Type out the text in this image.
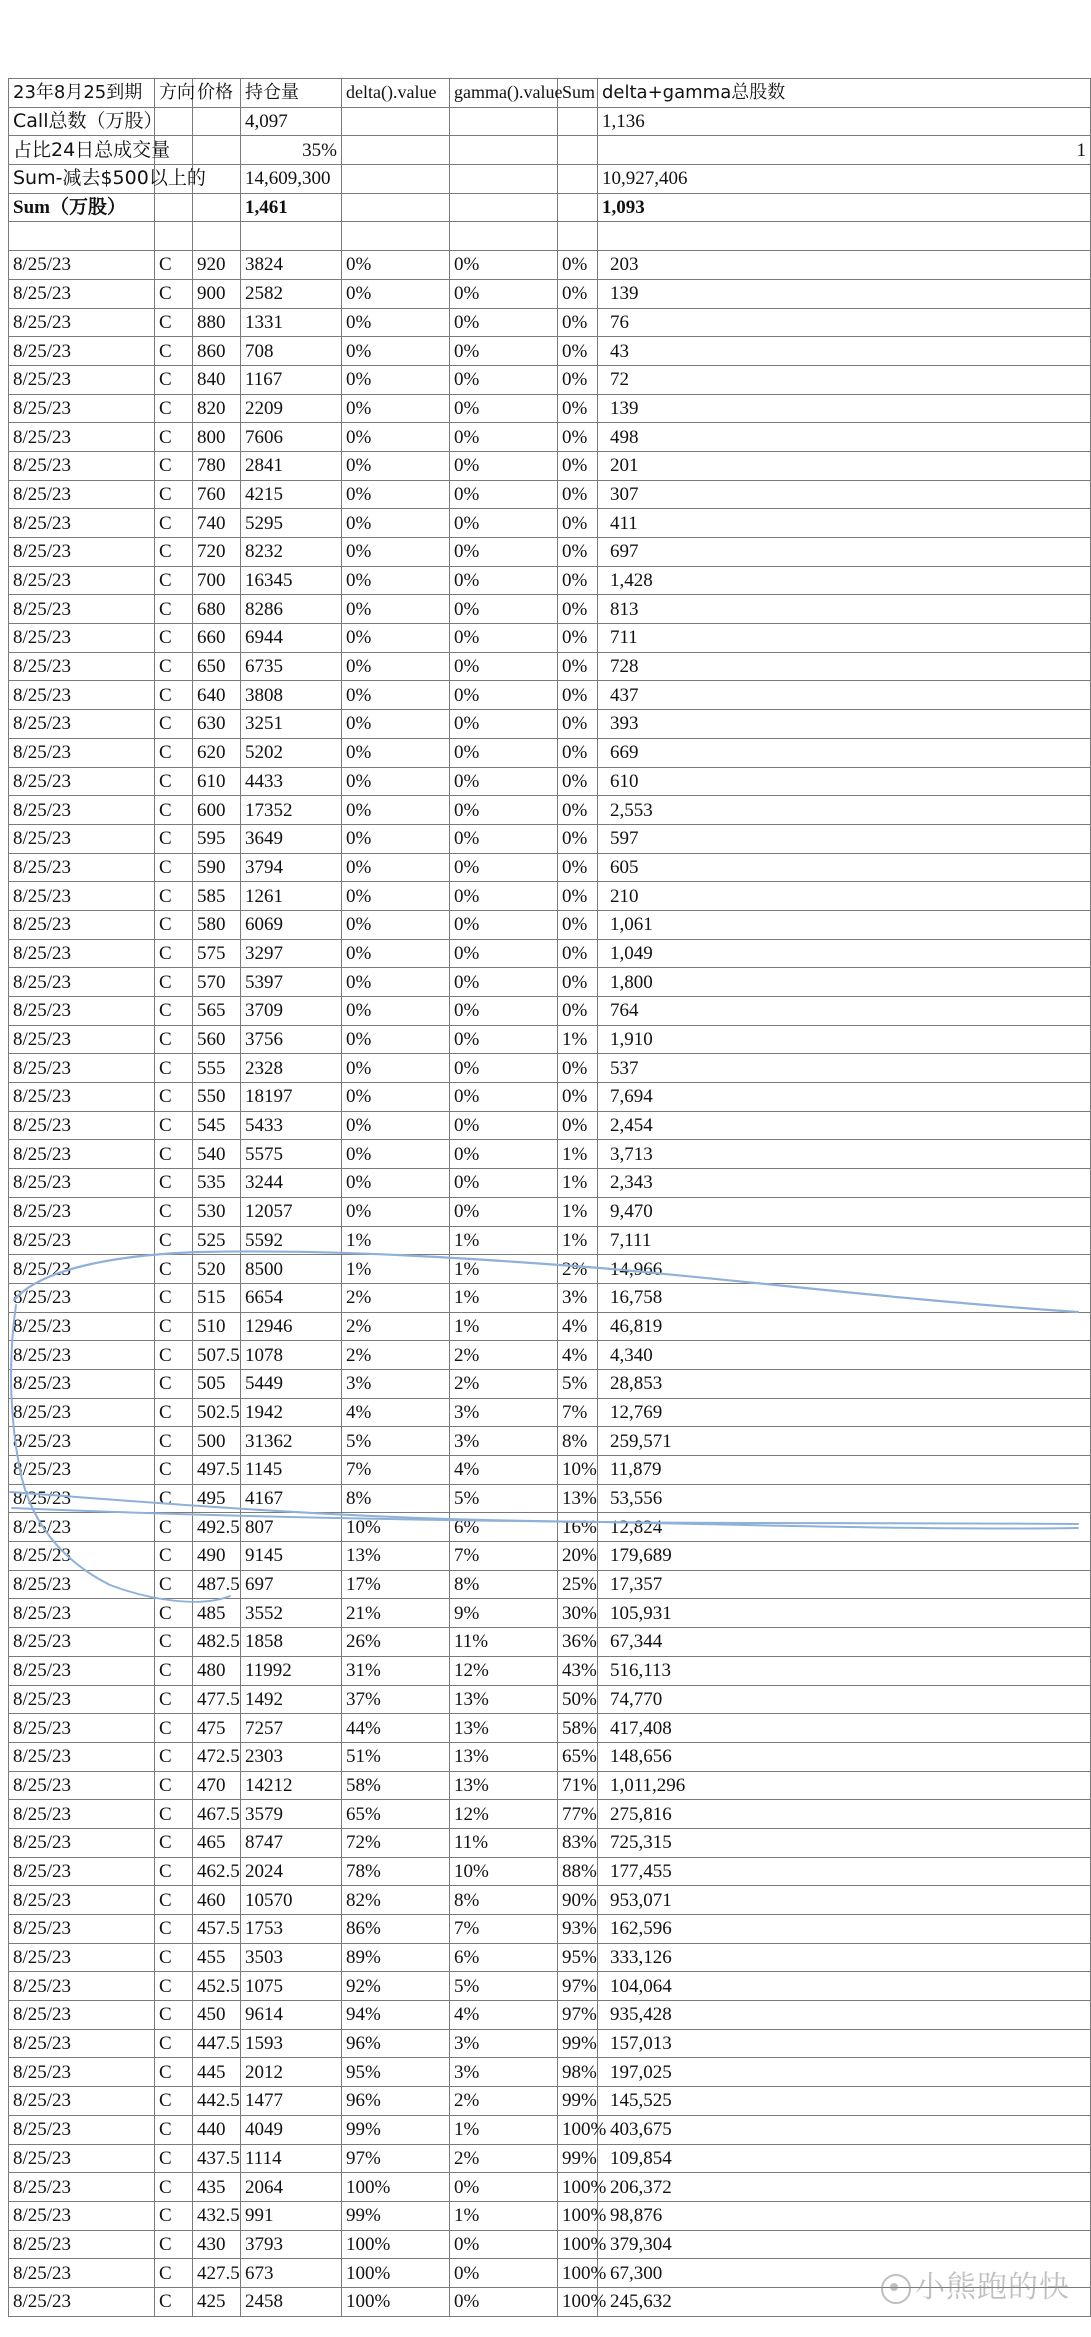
23年8月25到期	方向	价格	持仓量	delta().value	gamma().value	Sum	delta+gamma总股数
Call总数（万股）			4,097				1,136
占比24日总成交量			35%				1
Sum-减去$500以上的			14,609,300				10,927,406
Sum（万股）			1,461				1,093

8/25/23	C	920	3824	0%	0%	0%	203
8/25/23	C	900	2582	0%	0%	0%	139
8/25/23	C	880	1331	0%	0%	0%	76
8/25/23	C	860	708	0%	0%	0%	43
8/25/23	C	840	1167	0%	0%	0%	72
8/25/23	C	820	2209	0%	0%	0%	139
8/25/23	C	800	7606	0%	0%	0%	498
8/25/23	C	780	2841	0%	0%	0%	201
8/25/23	C	760	4215	0%	0%	0%	307
8/25/23	C	740	5295	0%	0%	0%	411
8/25/23	C	720	8232	0%	0%	0%	697
8/25/23	C	700	16345	0%	0%	0%	1,428
8/25/23	C	680	8286	0%	0%	0%	813
8/25/23	C	660	6944	0%	0%	0%	711
8/25/23	C	650	6735	0%	0%	0%	728
8/25/23	C	640	3808	0%	0%	0%	437
8/25/23	C	630	3251	0%	0%	0%	393
8/25/23	C	620	5202	0%	0%	0%	669
8/25/23	C	610	4433	0%	0%	0%	610
8/25/23	C	600	17352	0%	0%	0%	2,553
8/25/23	C	595	3649	0%	0%	0%	597
8/25/23	C	590	3794	0%	0%	0%	605
8/25/23	C	585	1261	0%	0%	0%	210
8/25/23	C	580	6069	0%	0%	0%	1,061
8/25/23	C	575	3297	0%	0%	0%	1,049
8/25/23	C	570	5397	0%	0%	0%	1,800
8/25/23	C	565	3709	0%	0%	0%	764
8/25/23	C	560	3756	0%	0%	1%	1,910
8/25/23	C	555	2328	0%	0%	0%	537
8/25/23	C	550	18197	0%	0%	0%	7,694
8/25/23	C	545	5433	0%	0%	0%	2,454
8/25/23	C	540	5575	0%	0%	1%	3,713
8/25/23	C	535	3244	0%	0%	1%	2,343
8/25/23	C	530	12057	0%	0%	1%	9,470
8/25/23	C	525	5592	1%	1%	1%	7,111
8/25/23	C	520	8500	1%	1%	2%	14,966
8/25/23	C	515	6654	2%	1%	3%	16,758
8/25/23	C	510	12946	2%	1%	4%	46,819
8/25/23	C	507.5	1078	2%	2%	4%	4,340
8/25/23	C	505	5449	3%	2%	5%	28,853
8/25/23	C	502.5	1942	4%	3%	7%	12,769
8/25/23	C	500	31362	5%	3%	8%	259,571
8/25/23	C	497.5	1145	7%	4%	10%	11,879
8/25/23	C	495	4167	8%	5%	13%	53,556
8/25/23	C	492.5	807	10%	6%	16%	12,824
8/25/23	C	490	9145	13%	7%	20%	179,689
8/25/23	C	487.5	697	17%	8%	25%	17,357
8/25/23	C	485	3552	21%	9%	30%	105,931
8/25/23	C	482.5	1858	26%	11%	36%	67,344
8/25/23	C	480	11992	31%	12%	43%	516,113
8/25/23	C	477.5	1492	37%	13%	50%	74,770
8/25/23	C	475	7257	44%	13%	58%	417,408
8/25/23	C	472.5	2303	51%	13%	65%	148,656
8/25/23	C	470	14212	58%	13%	71%	1,011,296
8/25/23	C	467.5	3579	65%	12%	77%	275,816
8/25/23	C	465	8747	72%	11%	83%	725,315
8/25/23	C	462.5	2024	78%	10%	88%	177,455
8/25/23	C	460	10570	82%	8%	90%	953,071
8/25/23	C	457.5	1753	86%	7%	93%	162,596
8/25/23	C	455	3503	89%	6%	95%	333,126
8/25/23	C	452.5	1075	92%	5%	97%	104,064
8/25/23	C	450	9614	94%	4%	97%	935,428
8/25/23	C	447.5	1593	96%	3%	99%	157,013
8/25/23	C	445	2012	95%	3%	98%	197,025
8/25/23	C	442.5	1477	96%	2%	99%	145,525
8/25/23	C	440	4049	99%	1%	100%	403,675
8/25/23	C	437.5	1114	97%	2%	99%	109,854
8/25/23	C	435	2064	100%	0%	100%	206,372
8/25/23	C	432.5	991	99%	1%	100%	98,876
8/25/23	C	430	3793	100%	0%	100%	379,304
8/25/23	C	427.5	673	100%	0%	100%	67,300
8/25/23	C	425	2458	100%	0%	100%	245,632	小熊跑的快
